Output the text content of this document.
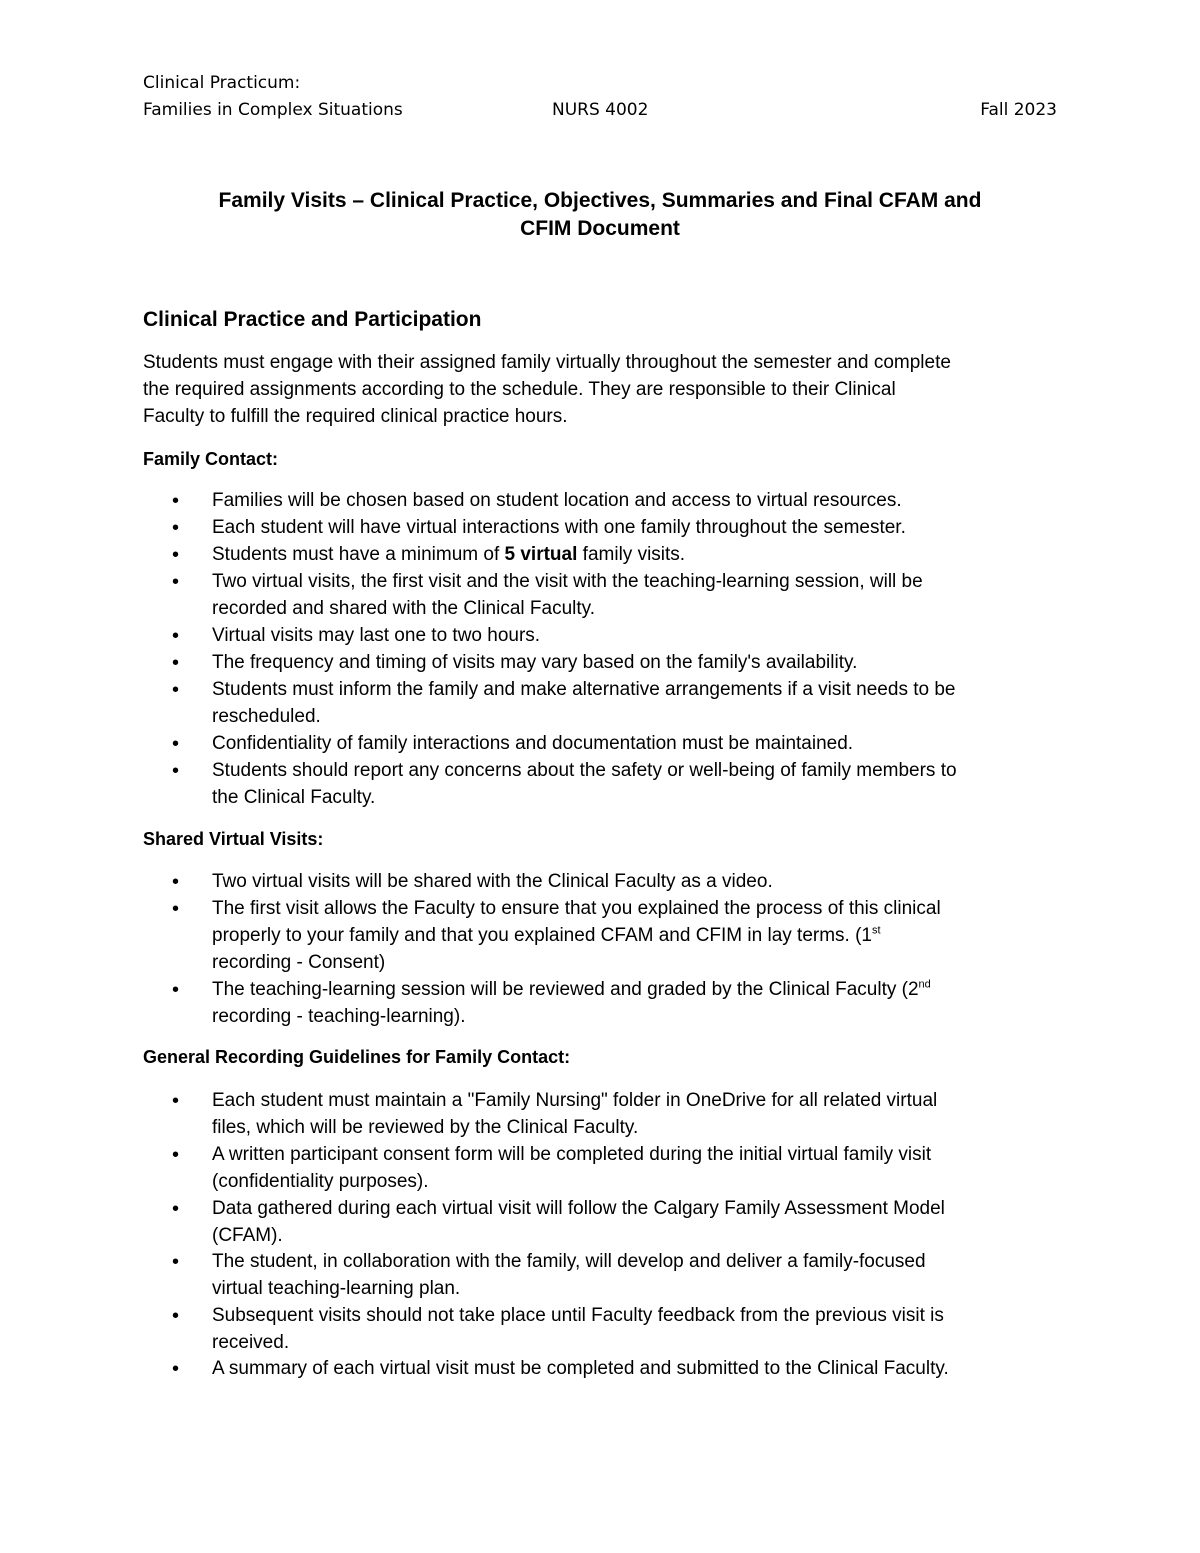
Clinical Practicum:
Families in Complex Situations	NURS 4002	Fall 2023
Family Visits – Clinical Practice, Objectives, Summaries and Final CFAM and
CFIM Document
Clinical Practice and Participation
Students must engage with their assigned family virtually throughout the semester and complete
the required assignments according to the schedule. They are responsible to their Clinical
Faculty to fulfill the required clinical practice hours.
Family Contact:
• Families will be chosen based on student location and access to virtual resources.
• Each student will have virtual interactions with one family throughout the semester.
• Students must have a minimum of 5 virtual family visits.
• Two virtual visits, the first visit and the visit with the teaching-learning session, will be
recorded and shared with the Clinical Faculty.
• Virtual visits may last one to two hours.
• The frequency and timing of visits may vary based on the family's availability.
• Students must inform the family and make alternative arrangements if a visit needs to be
rescheduled.
• Confidentiality of family interactions and documentation must be maintained.
• Students should report any concerns about the safety or well-being of family members to
the Clinical Faculty.
Shared Virtual Visits:
• Two virtual visits will be shared with the Clinical Faculty as a video.
• The first visit allows the Faculty to ensure that you explained the process of this clinical
properly to your family and that you explained CFAM and CFIM in lay terms. (1st
recording - Consent)
• The teaching-learning session will be reviewed and graded by the Clinical Faculty (2nd
recording - teaching-learning).
General Recording Guidelines for Family Contact:
• Each student must maintain a "Family Nursing" folder in OneDrive for all related virtual
files, which will be reviewed by the Clinical Faculty.
• A written participant consent form will be completed during the initial virtual family visit
(confidentiality purposes).
• Data gathered during each virtual visit will follow the Calgary Family Assessment Model
(CFAM).
• The student, in collaboration with the family, will develop and deliver a family-focused
virtual teaching-learning plan.
• Subsequent visits should not take place until Faculty feedback from the previous visit is
received.
• A summary of each virtual visit must be completed and submitted to the Clinical Faculty.
